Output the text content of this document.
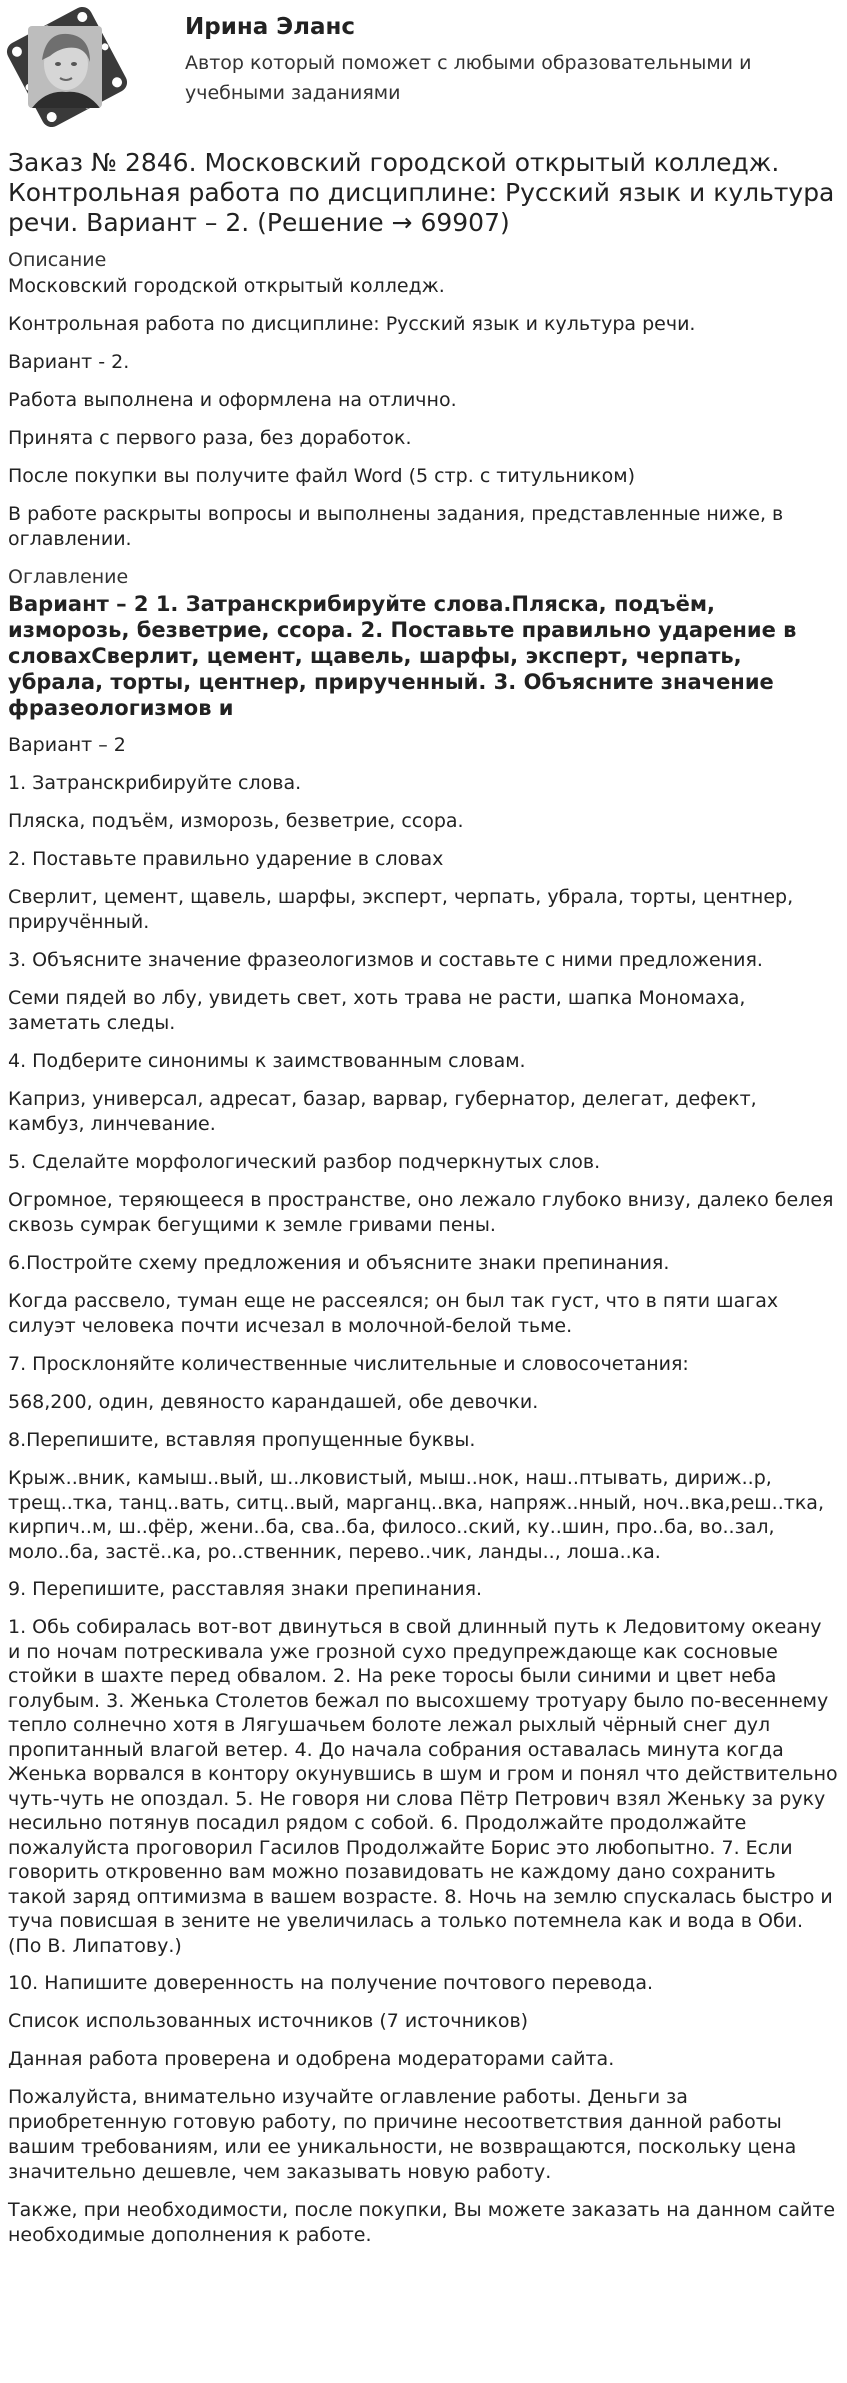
Ирина Эланс
Автор который поможет с любыми образовательными и учебными заданиями
Заказ № 2846. Московский городской открытый колледж. Контрольная работа по дисциплине: Русский язык и культура речи. Вариант – 2. (Решение → 69907)
Описание

Московский городской открытый колледж.

Контрольная работа по дисциплине: Русский язык и культура речи.

Вариант - 2.

Работа выполнена и оформлена на отлично.

Принята с первого раза, без доработок.

После покупки вы получите файл Word (5 стр. с титульником)

В работе раскрыты вопросы и выполнены задания, представленные ниже, в оглавлении.

Оглавление
Вариант – 2 1. Затранскрибируйте слова.Пляска, подъём, изморозь, безветрие, ссора. 2. Поставьте правильно ударение в словахСверлит, цемент, щавель, шарфы, эксперт, черпать, убрала, торты, центнер, прирученный. 3. Объясните значение фразеологизмов и

Вариант – 2

1. Затранскрибируйте слова.

Пляска, подъём, изморозь, безветрие, ссора.

2. Поставьте правильно ударение в словах

Сверлит, цемент, щавель, шарфы, эксперт, черпать, убрала, торты, центнер, приручённый.

3. Объясните значение фразеологизмов и составьте с ними предложения.

Семи пядей во лбу, увидеть свет, хоть трава не расти, шапка Мономаха, заметать следы.

4. Подберите синонимы к заимствованным словам.

Каприз, универсал, адресат, базар, варвар, губернатор, делегат, дефект, камбуз, линчевание.

5. Сделайте морфологический разбор подчеркнутых слов.

Огромное, теряющееся в пространстве, оно лежало глубоко внизу, далеко белея сквозь сумрак бегущими к земле гривами пены.

6.Постройте схему предложения и объясните знаки препинания.

Когда рассвело, туман еще не рассеялся; он был так густ, что в пяти шагах силуэт человека почти исчезал в молочной-белой тьме.

7. Просклоняйте количественные числительные и словосочетания:

568,200, один, девяносто карандашей, обе девочки.

8.Перепишите, вставляя пропущенные буквы.

Крыж..вник, камыш..вый, ш..лковистый, мыш..нок, наш..птывать, дириж..р, трещ..тка, танц..вать, ситц..вый, марганц..вка, напряж..нный, ноч..вка,реш..тка, кирпич..м, ш..фёр, жени..ба, сва..ба, филосо..ский, ку..шин, про..ба, во..зал, моло..ба, застё..ка, ро..ственник, перево..чик, ланды.., лоша..ка.

9. Перепишите, расставляя знаки препинания.

1. Обь собиралась вот-вот двинуться в свой длинный путь к Ледовитому океану и по ночам потрескивала уже грозной сухо предупреждающе как сосновые стойки в шахте перед обвалом. 2. На реке торосы были синими и цвет неба голубым. 3. Женька Столетов бежал по высохшему тротуару было по-весеннему тепло солнечно хотя в Лягушачьем болоте лежал рыхлый чёрный снег дул пропитанный влагой ветер. 4. До начала собрания оставалась минута когда Женька ворвался в контору окунувшись в шум и гром и понял что действительно чуть-чуть не опоздал. 5. Не говоря ни слова Пётр Петрович взял Женьку за руку несильно потянув посадил рядом с собой. 6. Продолжайте продолжайте пожалуйста проговорил Гасилов Продолжайте Борис это любопытно. 7. Если говорить откровенно вам можно позавидовать не каждому дано сохранить такой заряд оптимизма в вашем возрасте. 8. Ночь на землю спускалась быстро и туча повисшая в зените не увеличилась а только потемнела как и вода в Оби. (По В. Липатову.)

10. Напишите доверенность на получение почтового перевода.

Список использованных источников (7 источников)

Данная работа проверена и одобрена модераторами сайта.

Пожалуйста, внимательно изучайте оглавление работы. Деньги за приобретенную готовую работу, по причине несоответствия данной работы вашим требованиям, или ее уникальности, не возвращаются, поскольку цена значительно дешевле, чем заказывать новую работу.

Также, при необходимости, после покупки, Вы можете заказать на данном сайте необходимые дополнения к работе.
